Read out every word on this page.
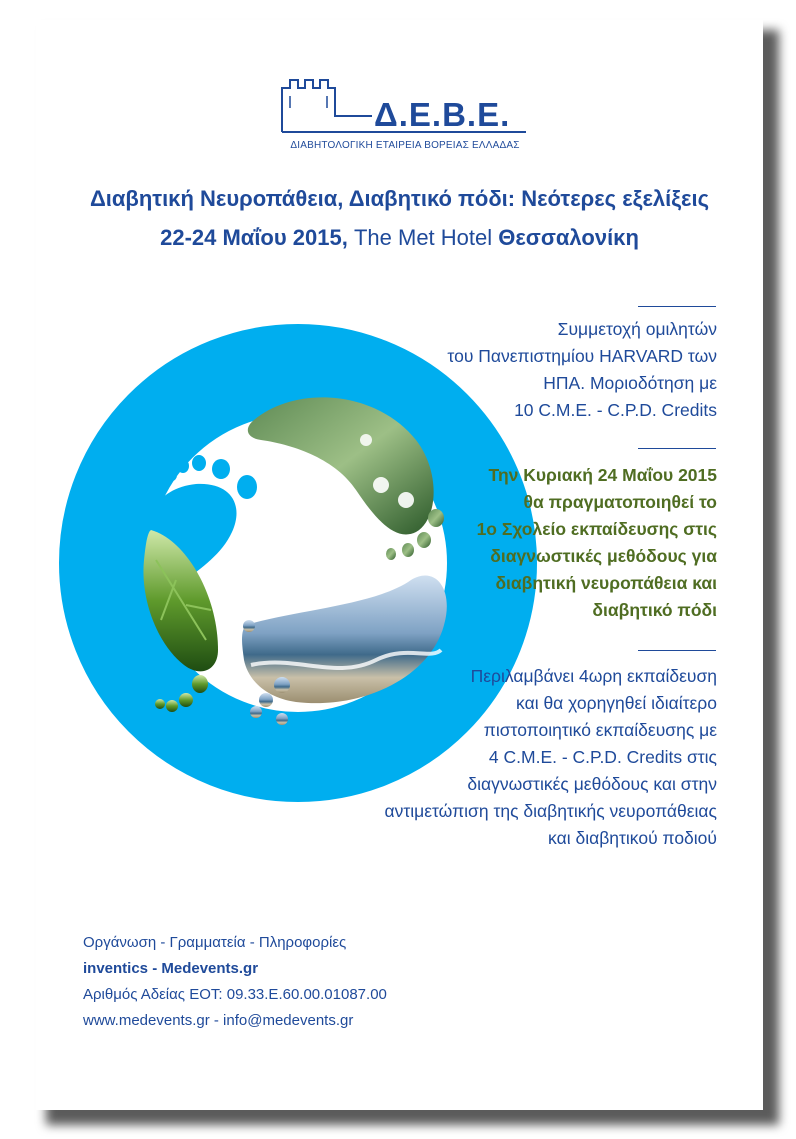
Δ.Ε.Β.Ε.
ΔΙΑΒΗΤΟΛΟΓΙΚΗ ΕΤΑΙΡΕΙΑ ΒΟΡΕΙΑΣ ΕΛΛΑΔΑΣ
Διαβητική Νευροπάθεια, Διαβητικό πόδι: Νεότερες εξελίξεις
22-24 Μαΐου 2015, The Met Hotel Θεσσαλονίκη
Συμμετοχή ομιλητών
του Πανεπιστημίου HARVARD των
ΗΠΑ. Μοριοδότηση με
10 C.M.E. - C.P.D. Credits
Την Κυριακή 24 Μαΐου 2015
θα πραγματοποιηθεί το
1ο Σχολείο εκπαίδευσης στις
διαγνωστικές μεθόδους για
διαβητική νευροπάθεια και
διαβητικό πόδι
Περιλαμβάνει 4ωρη εκπαίδευση
και θα χορηγηθεί ιδιαίτερο
πιστοποιητικό εκπαίδευσης με
4 C.M.E. - C.P.D. Credits στις
διαγνωστικές μεθόδους και στην
αντιμετώπιση της διαβητικής νευροπάθειας
και διαβητικού ποδιού
Οργάνωση - Γραμματεία - Πληροφορίες
inventics - Medevents.gr
Αριθμός Αδείας ΕΟΤ: 09.33.Ε.60.00.01087.00
www.medevents.gr - info@medevents.gr
